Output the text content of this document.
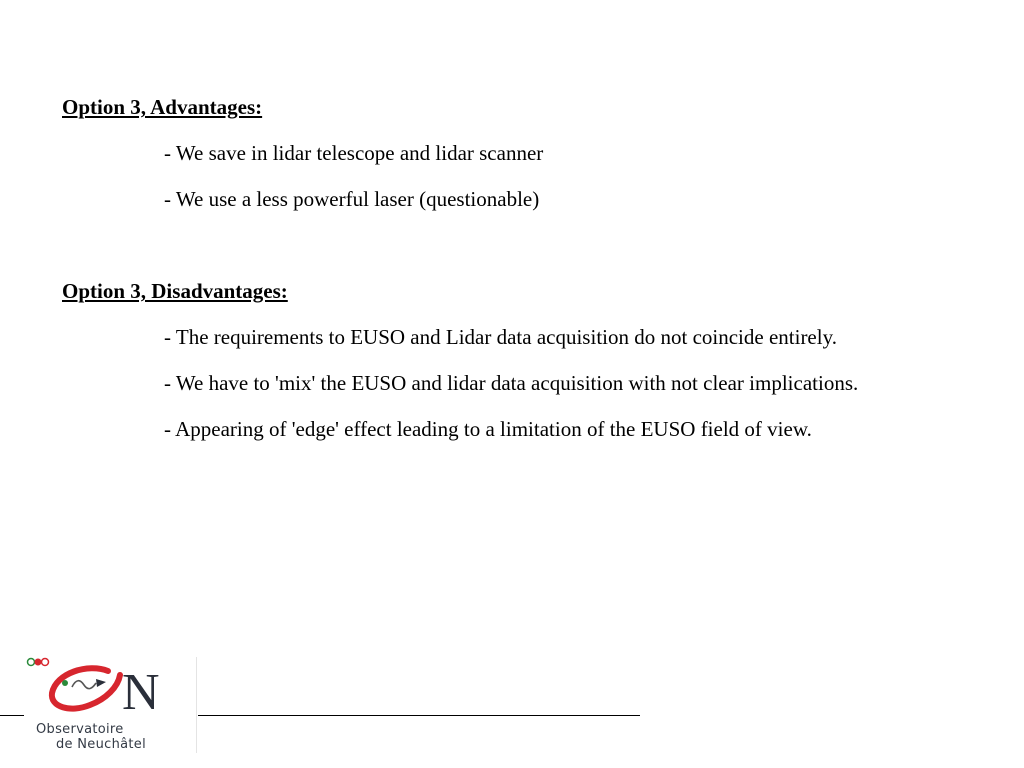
Option 3, Advantages:

- We save in lidar telescope and lidar scanner

- We use a less powerful laser (questionable)

Option 3, Disadvantages:

- The requirements to EUSO and Lidar data acquisition do not coincide entirely.

- We have to 'mix' the EUSO and lidar data acquisition with not clear implications.

- Appearing of 'edge' effect leading to a limitation of the EUSO field of view.

N
Observatoire
de Neuchâtel
